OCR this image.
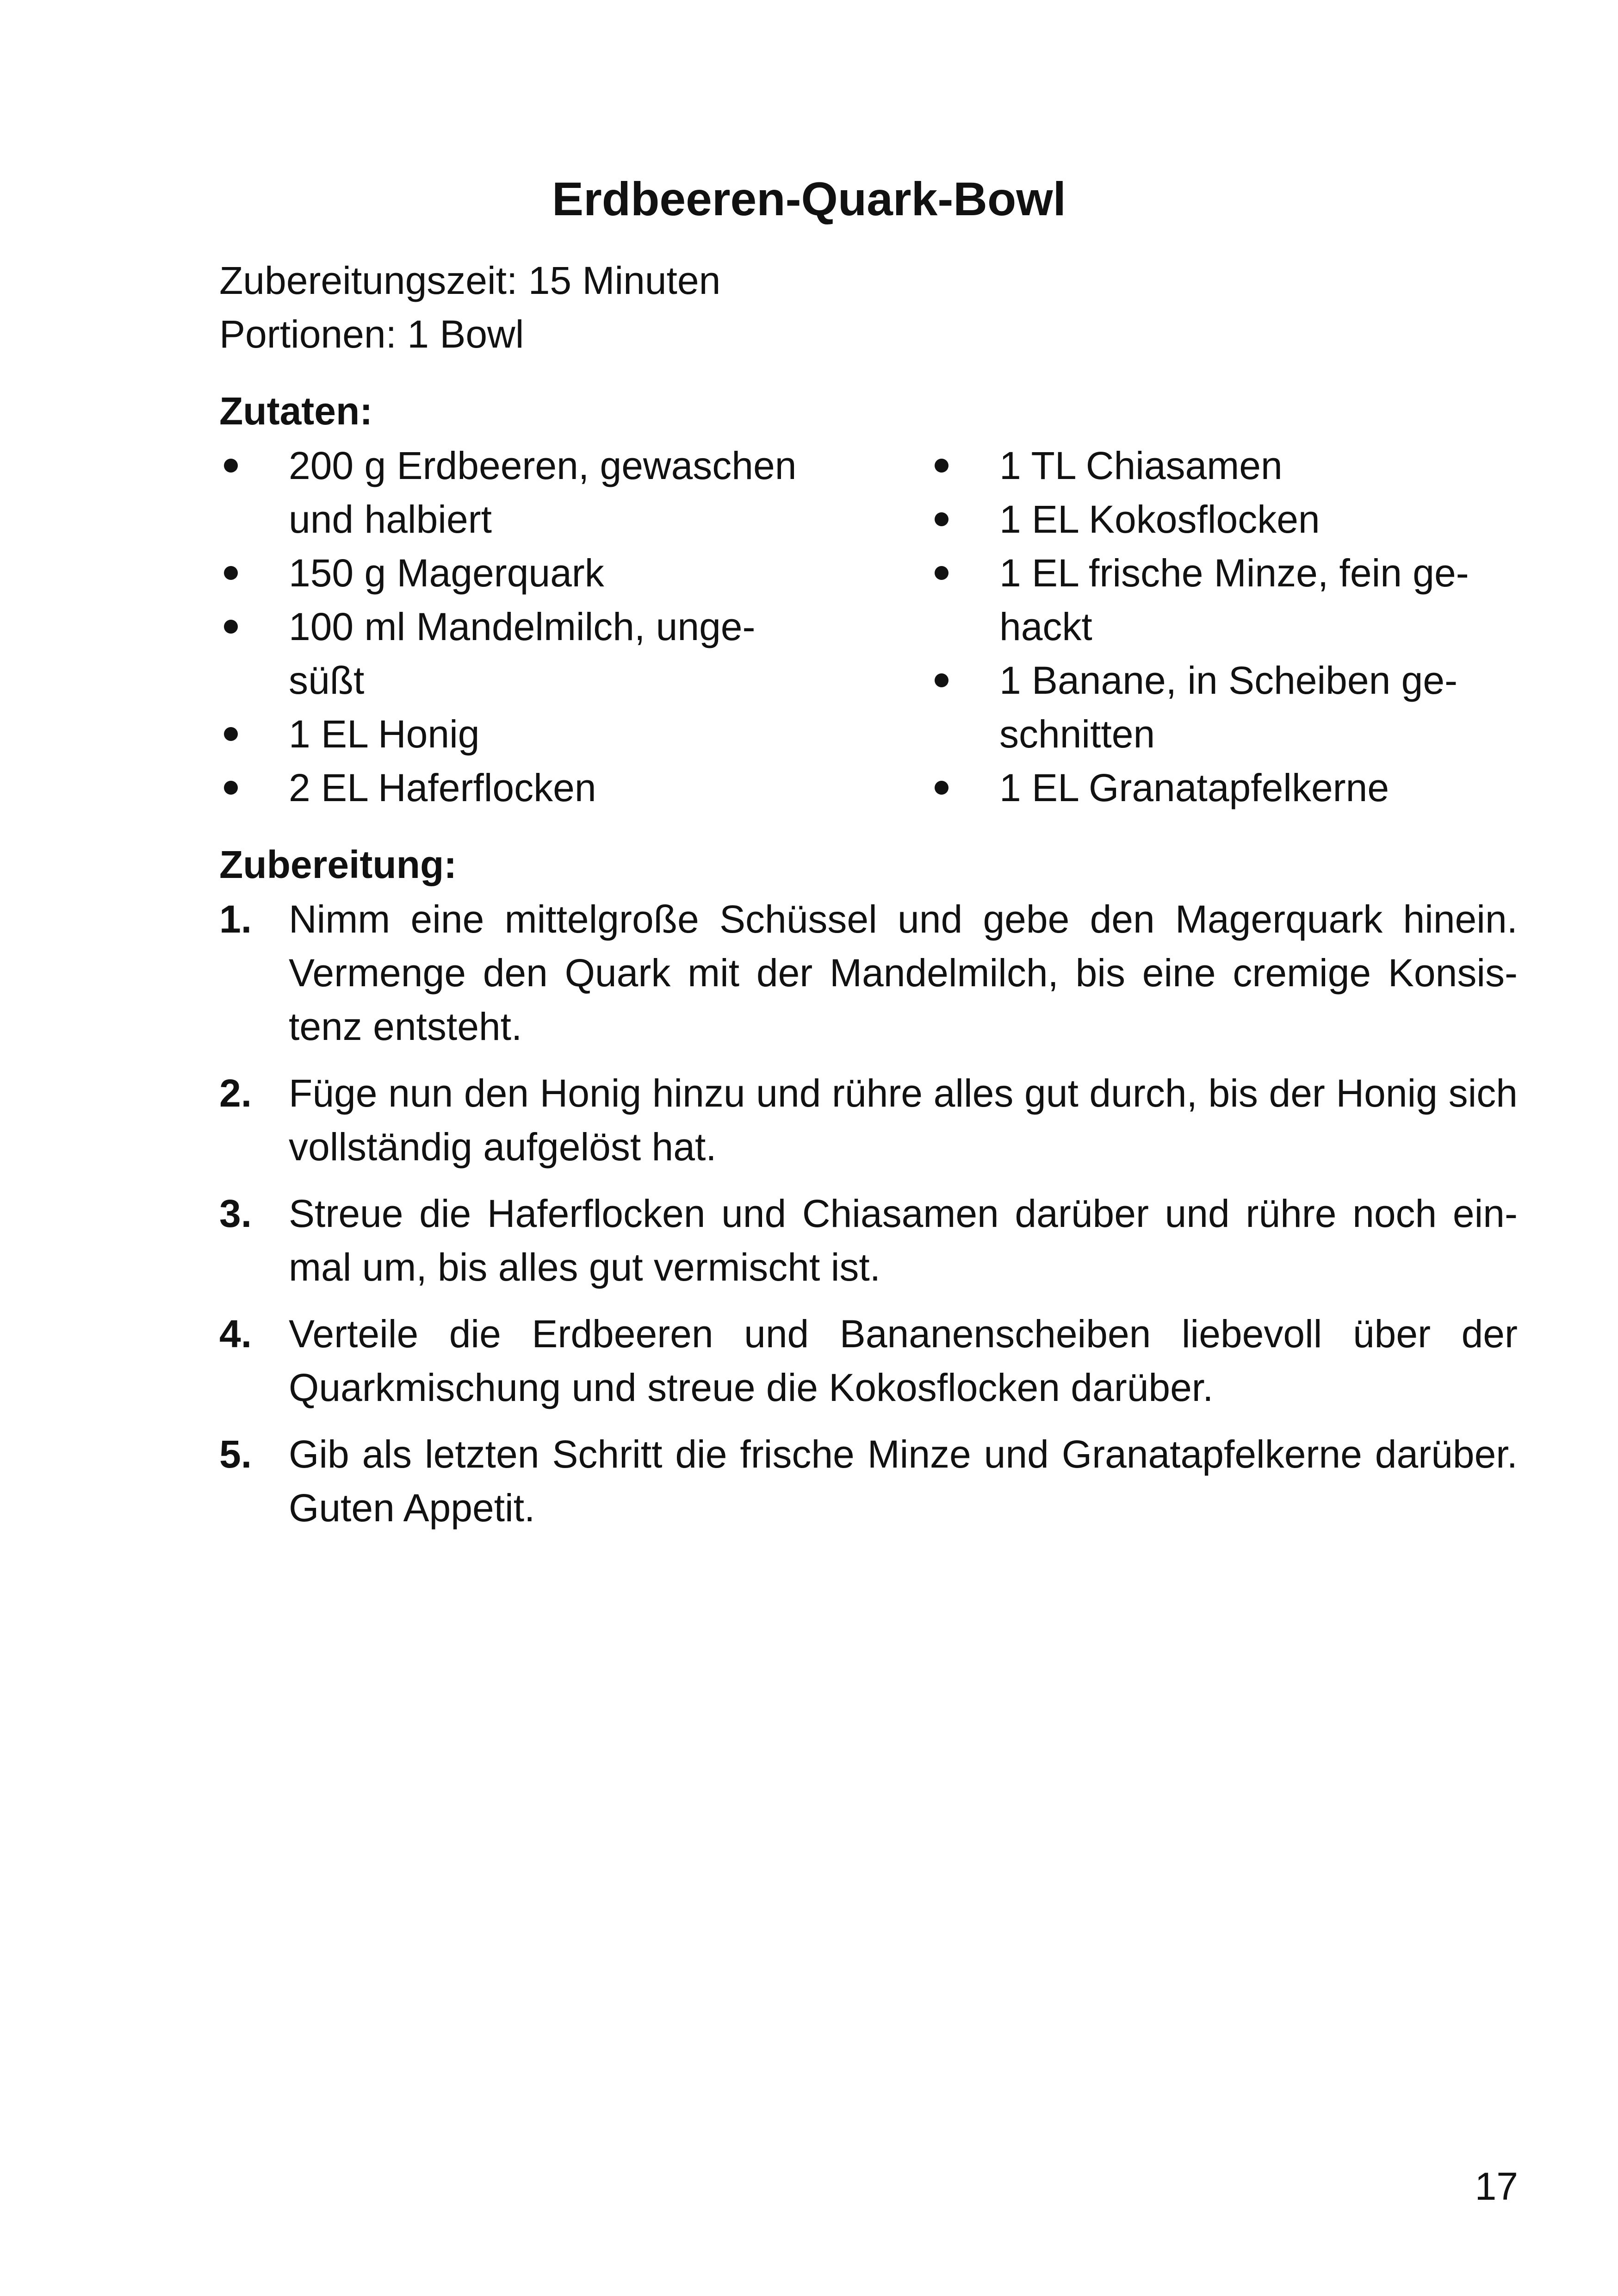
Erdbeeren-Quark-Bowl
Zubereitungszeit: 15 Minuten
Portionen: 1 Bowl
Zutaten:
200 g Erdbeeren, gewaschen
und halbiert
150 g Magerquark
100 ml Mandelmilch, unge-
süßt
1 EL Honig
2 EL Haferflocken
1 TL Chiasamen
1 EL Kokosflocken
1 EL frische Minze, fein ge-
hackt
1 Banane, in Scheiben ge-
schnitten
1 EL Granatapfelkerne
Zubereitung:
1. Nimm eine mittelgroße Schüssel und gebe den Magerquark hinein.
Vermenge den Quark mit der Mandelmilch, bis eine cremige Konsis-
tenz entsteht.
2. Füge nun den Honig hinzu und rühre alles gut durch, bis der Honig sich
vollständig aufgelöst hat.
3. Streue die Haferflocken und Chiasamen darüber und rühre noch ein-
mal um, bis alles gut vermischt ist.
4. Verteile die Erdbeeren und Bananenscheiben liebevoll über der
Quarkmischung und streue die Kokosflocken darüber.
5. Gib als letzten Schritt die frische Minze und Granatapfelkerne darüber.
Guten Appetit.
17
